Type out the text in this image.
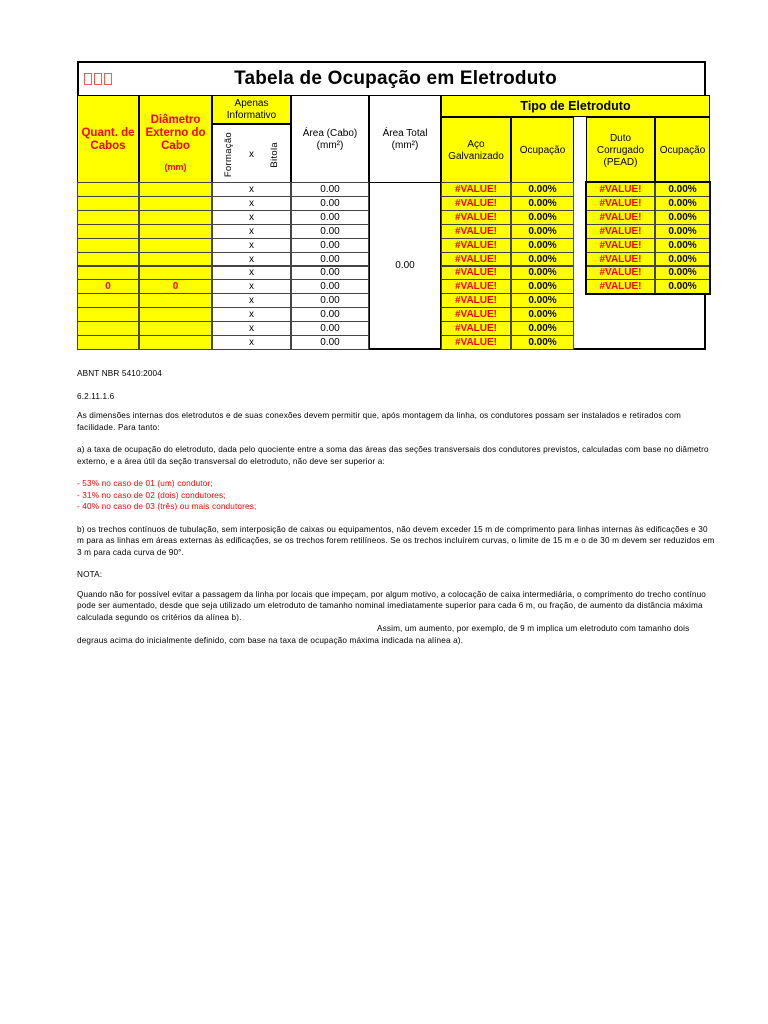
Tabela de Ocupação em Eletroduto
Quant. de Cabos
Diâmetro Externo do Cabo
(mm)
Apenas Informativo
Formação x Bitola
Área (Cabo)
(mm²)
Área Total
(mm²)
Tipo de Eletroduto
Aço
Galvanizado
Ocupação
Duto
Corrugado
(PEAD)
Ocupação
0.00%
#VALUE!
0.00
x
0.00%
#VALUE!
0.00
x
0.00%
#VALUE!
0.00
x
0.00%
#VALUE!
0.00
x
0.00%
#VALUE!
0.00%
#VALUE!
0.00
x
0
0
0.00%
#VALUE!
0.00%
#VALUE!
0.00
x
0.00%
#VALUE!
0.00%
#VALUE!
0.00
x
0.00%
#VALUE!
0.00%
#VALUE!
0.00
x
0.00%
#VALUE!
0.00%
#VALUE!
0.00
x
0.00%
#VALUE!
0.00%
#VALUE!
0.00
x
0.00%
#VALUE!
0.00%
#VALUE!
0.00
x
0.00%
#VALUE!
0.00%
#VALUE!
0.00
x
0.00

ABNT NBR 5410:2004

6.2.11.1.6

As dimensões internas dos eletrodutos e de suas conexões devem permitir que, após montagem da linha, os condutores possam ser instalados e retirados com facilidade. Para tanto:

a) a taxa de ocupação do eletroduto, dada pelo quociente entre a soma das áreas das seções transversais dos condutores previstos, calculadas com base no diâmetro externo, e a área útil da seção transversal do eletroduto, não deve ser superior a:

- 53% no caso de 01 (um) condutor;

- 31% no caso de 02 (dois) condutores;

- 40% no caso de 03 (três) ou mais condutores;

b) os trechos contínuos de tubulação, sem interposição de caixas ou equipamentos, não devem exceder 15 m de comprimento para linhas internas às edificações e 30 m para as linhas em áreas externas às edificações, se os trechos forem retilíneos. Se os trechos incluírem curvas, o limite de 15 m e o de 30 m devem ser reduzidos em 3 m para cada curva de 90°.

NOTA:

Quando não for possível evitar a passagem da linha por locais que impeçam, por algum motivo, a colocação de caixa intermediária, o comprimento do trecho contínuo pode ser aumentado, desde que seja utilizado um eletroduto de tamanho nominal imediatamente superior para cada 6 m, ou fração, de aumento da distância máxima calculada segundo os critérios da alínea b).

Assim, um aumento, por exemplo, de 9 m implica um eletroduto com tamanho dois degraus acima do inicialmente definido, com base na taxa de ocupação máxima indicada na alínea a).
